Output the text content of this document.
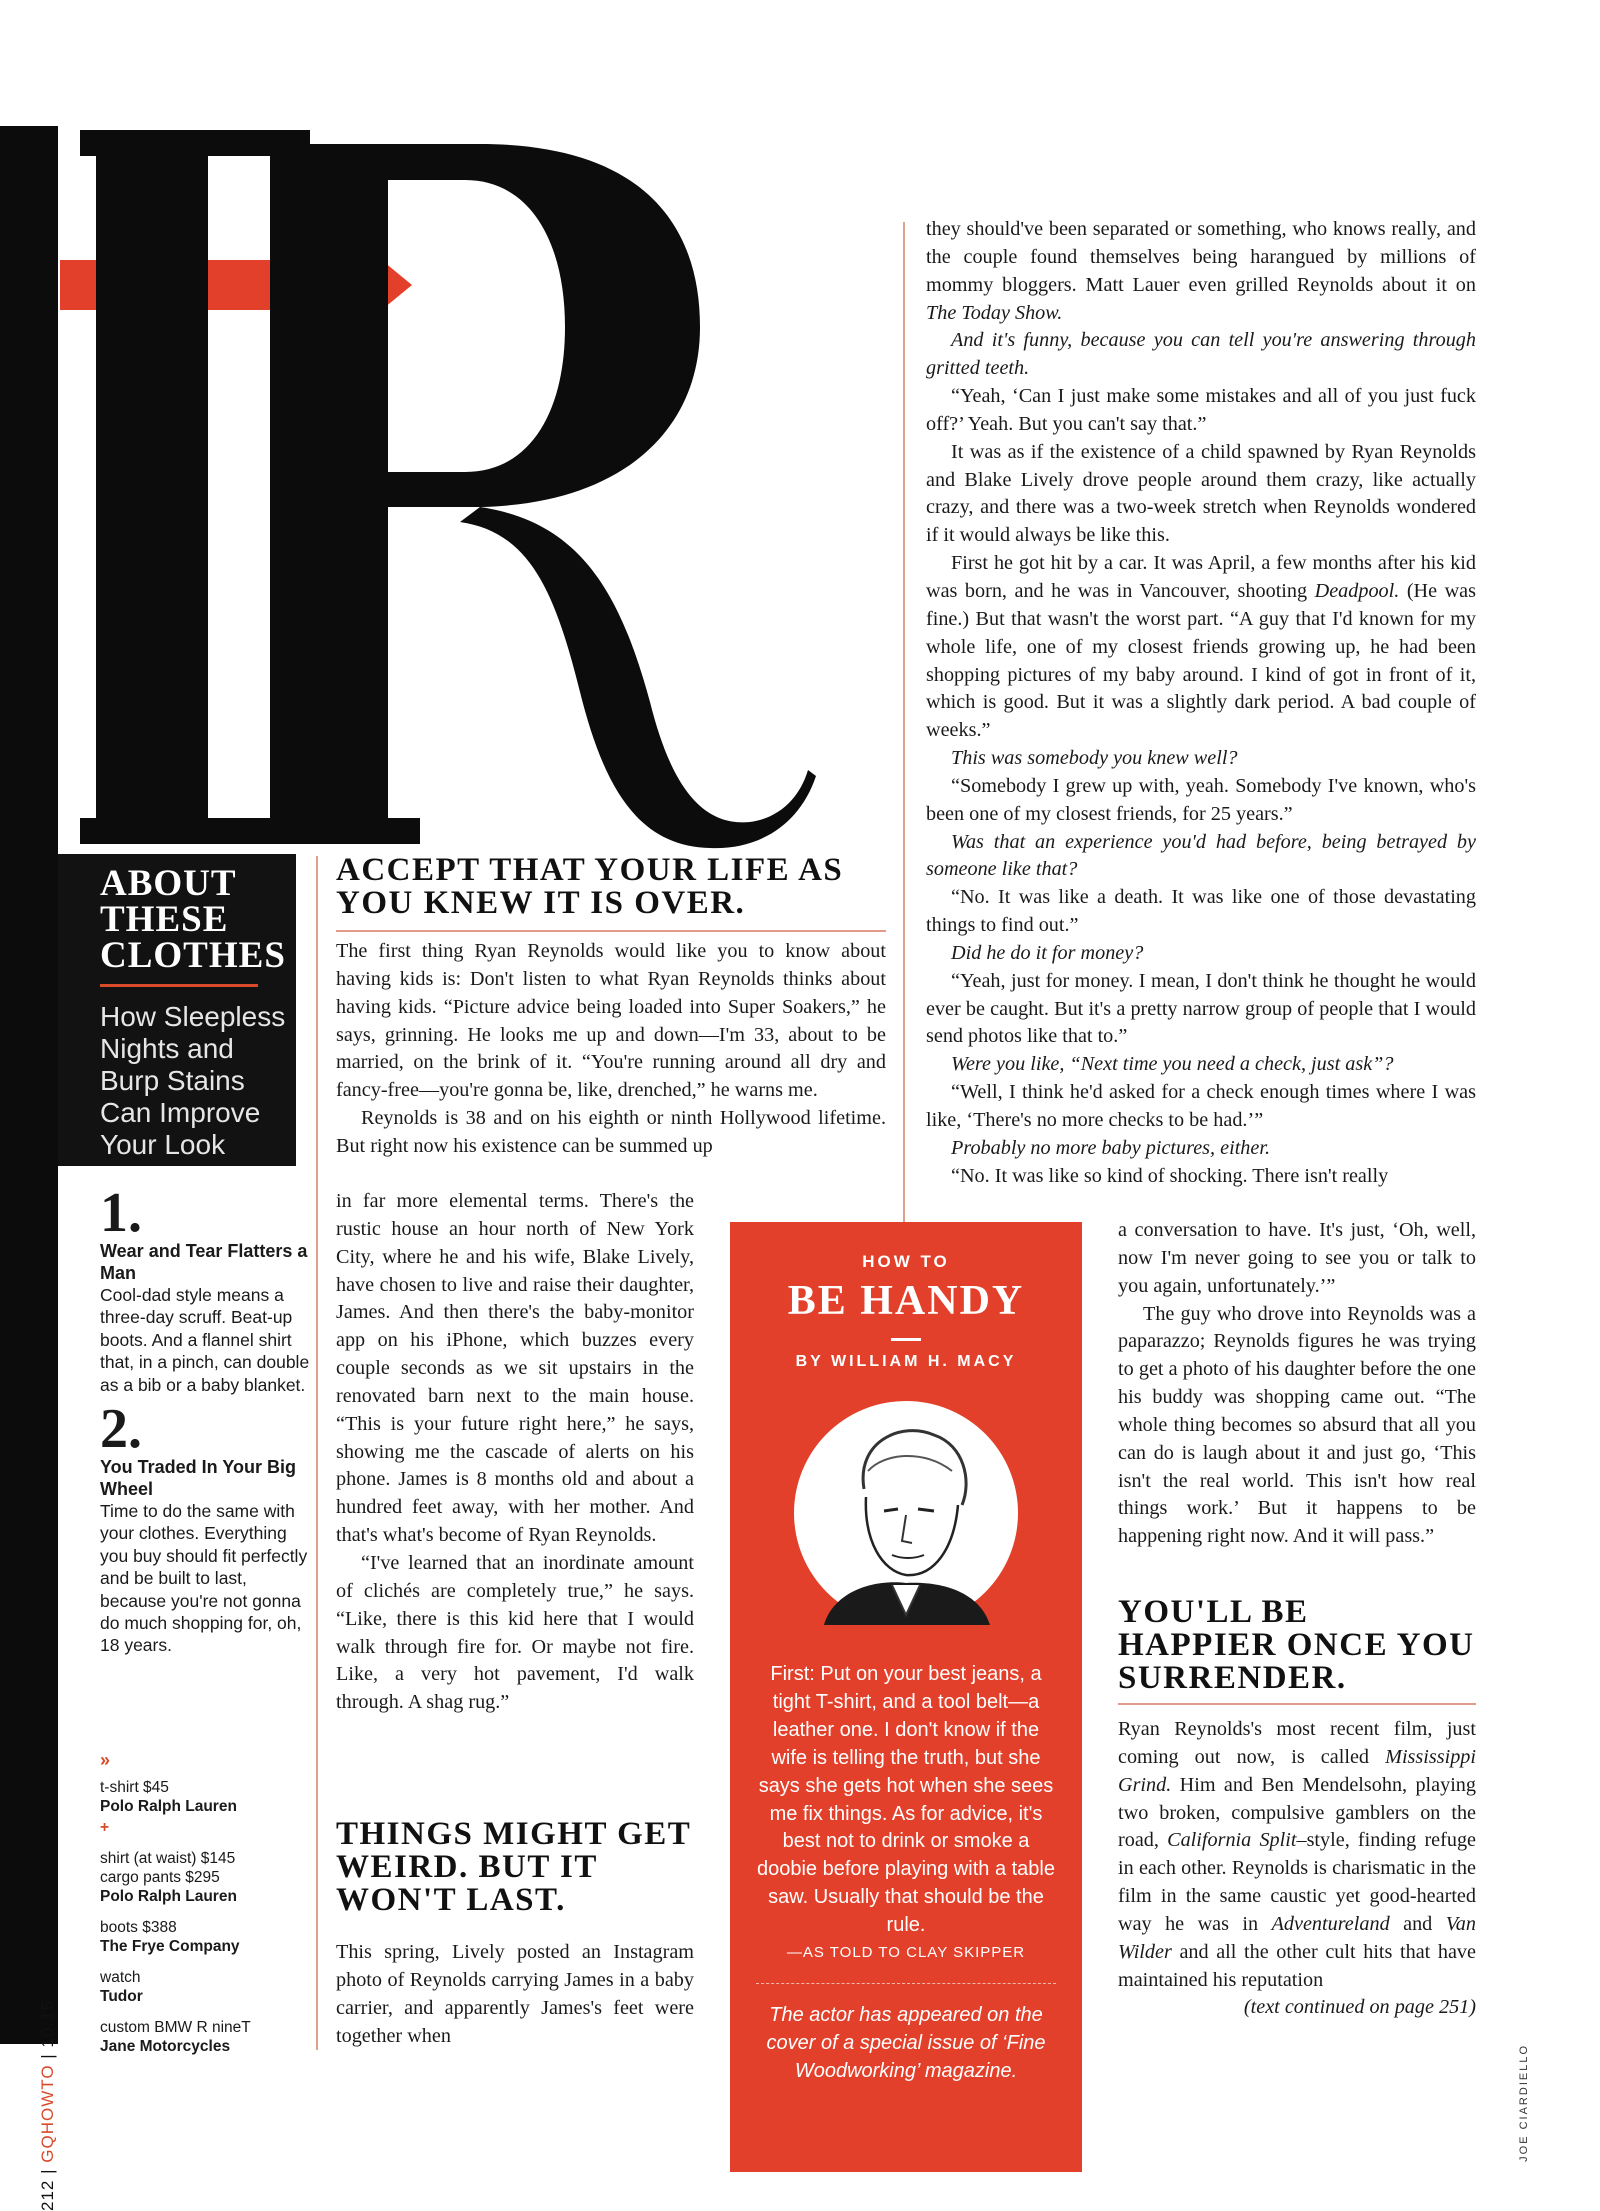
212 | GQHOWTO | 10.15
ABOUT
THESE
CLOTHES
How Sleepless Nights and Burp Stains Can Improve Your Look
1.
Wear and Tear Flatters a Man
Cool-dad style means a three-day scruff. Beat-up boots. And a flannel shirt that, in a pinch, can double as a bib or a baby blanket.
2.
You Traded In Your Big Wheel
Time to do the same with your clothes. Everything you buy should fit perfectly and be built to last, because you're not gonna do much shopping for, oh, 18 years.
»
t-shirt $45
Polo Ralph Lauren
+
shirt (at waist) $145
cargo pants $295
Polo Ralph Lauren
boots $388
The Frye Company
watch
Tudor
custom BMW R nineT
Jane Motorcycles
ACCEPT THAT YOUR LIFE AS YOU KNEW IT IS OVER.

The first thing Ryan Reynolds would like you to know about having kids is: Don't listen to what Ryan Reynolds thinks about having kids. “Picture advice being loaded into Super Soakers,” he says, grinning. He looks me up and down—I'm 33, about to be married, on the brink of it. “You're running around all dry and fancy-free—you're gonna be, like, drenched,” he warns me.

Reynolds is 38 and on his eighth or ninth Hollywood lifetime. But right now his existence can be summed up

in far more elemental terms. There's the rustic house an hour north of New York City, where he and his wife, Blake Lively, have chosen to live and raise their daughter, James. And then there's the baby-monitor app on his iPhone, which buzzes every couple seconds as we sit upstairs in the renovated barn next to the main house. “This is your future right here,” he says, showing me the cascade of alerts on his phone. James is 8 months old and about a hundred feet away, with her mother. And that's what's become of Ryan Reynolds.

“I've learned that an inordinate amount of clichés are completely true,” he says. “Like, there is this kid here that I would walk through fire for. Or maybe not fire. Like, a very hot pavement, I'd walk through. A shag rug.”

THINGS MIGHT GET WEIRD. BUT IT WON'T LAST.

This spring, Lively posted an Instagram photo of Reynolds carrying James in a baby carrier, and apparently James's feet were together when

they should've been separated or something, who knows really, and the couple found themselves being harangued by millions of mommy bloggers. Matt Lauer even grilled Reynolds about it on The Today Show.

And it's funny, because you can tell you're answering through gritted teeth.

“Yeah, ‘Can I just make some mistakes and all of you just fuck off?’ Yeah. But you can't say that.”

It was as if the existence of a child spawned by Ryan Reynolds and Blake Lively drove people around them crazy, like actually crazy, and there was a two-week stretch when Reynolds wondered if it would always be like this.

First he got hit by a car. It was April, a few months after his kid was born, and he was in Vancouver, shooting Deadpool. (He was fine.) But that wasn't the worst part. “A guy that I'd known for my whole life, one of my closest friends growing up, he had been shopping pictures of my baby around. I kind of got in front of it, which is good. But it was a slightly dark period. A bad couple of weeks.”

This was somebody you knew well?

“Somebody I grew up with, yeah. Somebody I've known, who's been one of my closest friends, for 25 years.”

Was that an experience you'd had before, being betrayed by someone like that?

“No. It was like a death. It was like one of those devastating things to find out.”

Did he do it for money?

“Yeah, just for money. I mean, I don't think he thought he would ever be caught. But it's a pretty narrow group of people that I would send photos like that to.”

Were you like, “Next time you need a check, just ask”?

“Well, I think he'd asked for a check enough times where I was like, ‘There's no more checks to be had.’”

Probably no more baby pictures, either.

“No. It was like so kind of shocking. There isn't really

a conversation to have. It's just, ‘Oh, well, now I'm never going to see you or talk to you again, unfortunately.’”

The guy who drove into Reynolds was a paparazzo; Reynolds figures he was trying to get a photo of his daughter before the one his buddy was shopping came out. “The whole thing becomes so absurd that all you can do is laugh about it and just go, ‘This isn't the real world. This isn't how real things work.’ But it happens to be happening right now. And it will pass.”

YOU'LL BE HAPPIER ONCE YOU SURRENDER.

Ryan Reynolds's most recent film, just coming out now, is called Mississippi Grind. Him and Ben Mendelsohn, playing two broken, compulsive gamblers on the road, California Split–style, finding refuge in each other. Reynolds is charismatic in the film in the same caustic yet good-hearted way he was in Adventureland and Van Wilder and all the other cult hits that have maintained his reputation

(text continued on page 251)

HOW TO
BE HANDY
BY WILLIAM H. MACY
First: Put on your best jeans, a tight T-shirt, and a tool belt—a leather one. I don't know if the wife is telling the truth, but she says she gets hot when she sees me fix things. As for advice, it's best not to drink or smoke a doobie before playing with a table saw. Usually that should be the rule.
—AS TOLD TO CLAY SKIPPER
The actor has appeared on the cover of a special issue of ‘Fine Woodworking’ magazine.	JOE CIARDIELLO
